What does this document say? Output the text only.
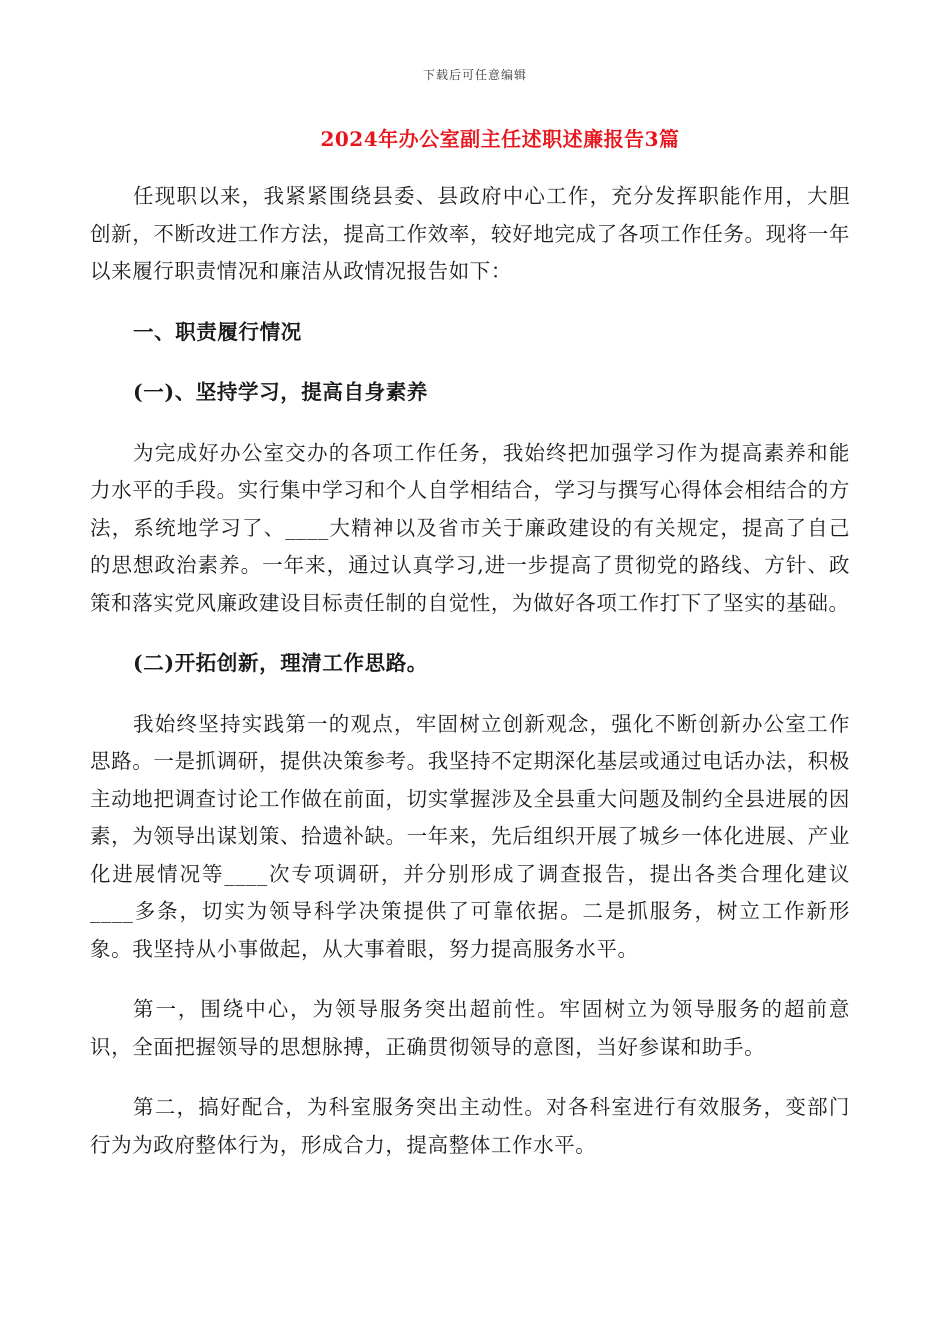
下载后可任意编辑
2024年办公室副主任述职述廉报告3篇

任现职以来，我紧紧围绕县委、县政府中心工作，充分发挥职能作用，大胆创新，不断改进工作方法，提高工作效率，较好地完成了各项工作任务。现将一年以来履行职责情况和廉洁从政情况报告如下：

一、职责履行情况

(一)、坚持学习，提高自身素养

为完成好办公室交办的各项工作任务，我始终把加强学习作为提高素养和能力水平的手段。实行集中学习和个人自学相结合，学习与撰写心得体会相结合的方法，系统地学习了、____大精神以及省市关于廉政建设的有关规定，提高了自己的思想政治素养。一年来，通过认真学习,进一步提高了贯彻党的路线、方针、政策和落实党风廉政建设目标责任制的自觉性，为做好各项工作打下了坚实的基础。

(二)开拓创新，理清工作思路。

我始终坚持实践第一的观点，牢固树立创新观念，强化不断创新办公室工作思路。一是抓调研，提供决策参考。我坚持不定期深化基层或通过电话办法，积极主动地把调查讨论工作做在前面，切实掌握涉及全县重大问题及制约全县进展的因素，为领导出谋划策、拾遗补缺。一年来，先后组织开展了城乡一体化进展、产业化进展情况等____次专项调研，并分别形成了调查报告，提出各类合理化建议____多条，切实为领导科学决策提供了可靠依据。二是抓服务，树立工作新形象。我坚持从小事做起，从大事着眼，努力提高服务水平。

第一，围绕中心，为领导服务突出超前性。牢固树立为领导服务的超前意识，全面把握领导的思想脉搏，正确贯彻领导的意图，当好参谋和助手。

第二，搞好配合，为科室服务突出主动性。对各科室进行有效服务，变部门行为为政府整体行为，形成合力，提高整体工作水平。
